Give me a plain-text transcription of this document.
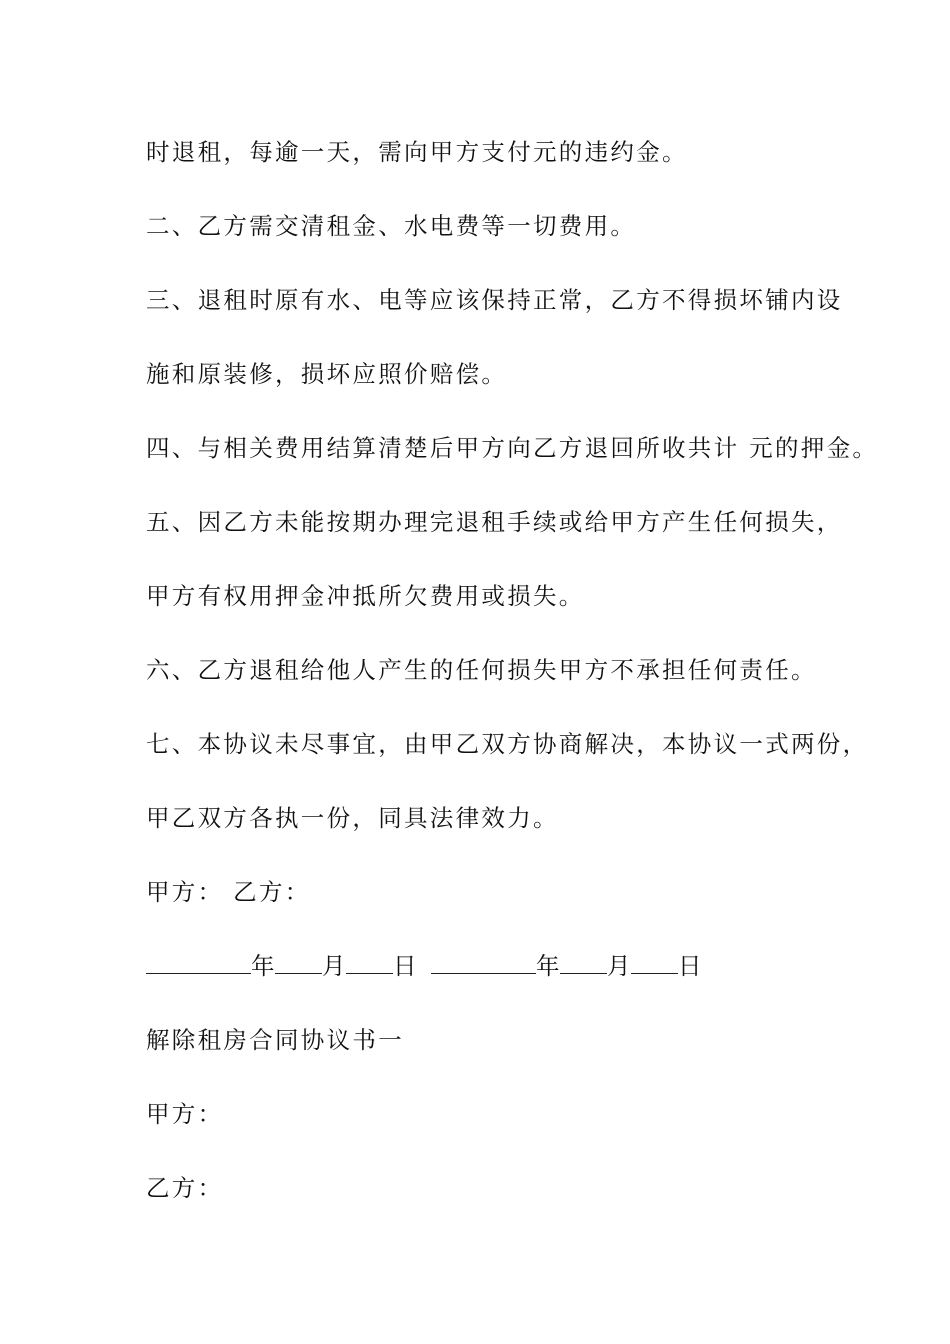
时退租，每逾一天，需向甲方支付元的违约金。
二、乙方需交清租金、水电费等一切费用。
三、退租时原有水、电等应该保持正常，乙方不得损坏铺内设
施和原装修，损坏应照价赔偿。
四、与相关费用结算清楚后甲方向乙方退回所收共计 元的押金。
五、因乙方未能按期办理完退租手续或给甲方产生任何损失，
甲方有权用押金冲抵所欠费用或损失。
六、乙方退租给他人产生的任何损失甲方不承担任何责任。
七、本协议未尽事宜，由甲乙双方协商解决，本协议一式两份，
甲乙双方各执一份，同具法律效力。
甲方： 乙方：
年 月 日	年 月 日
解除租房合同协议书一
甲方：
乙方：
